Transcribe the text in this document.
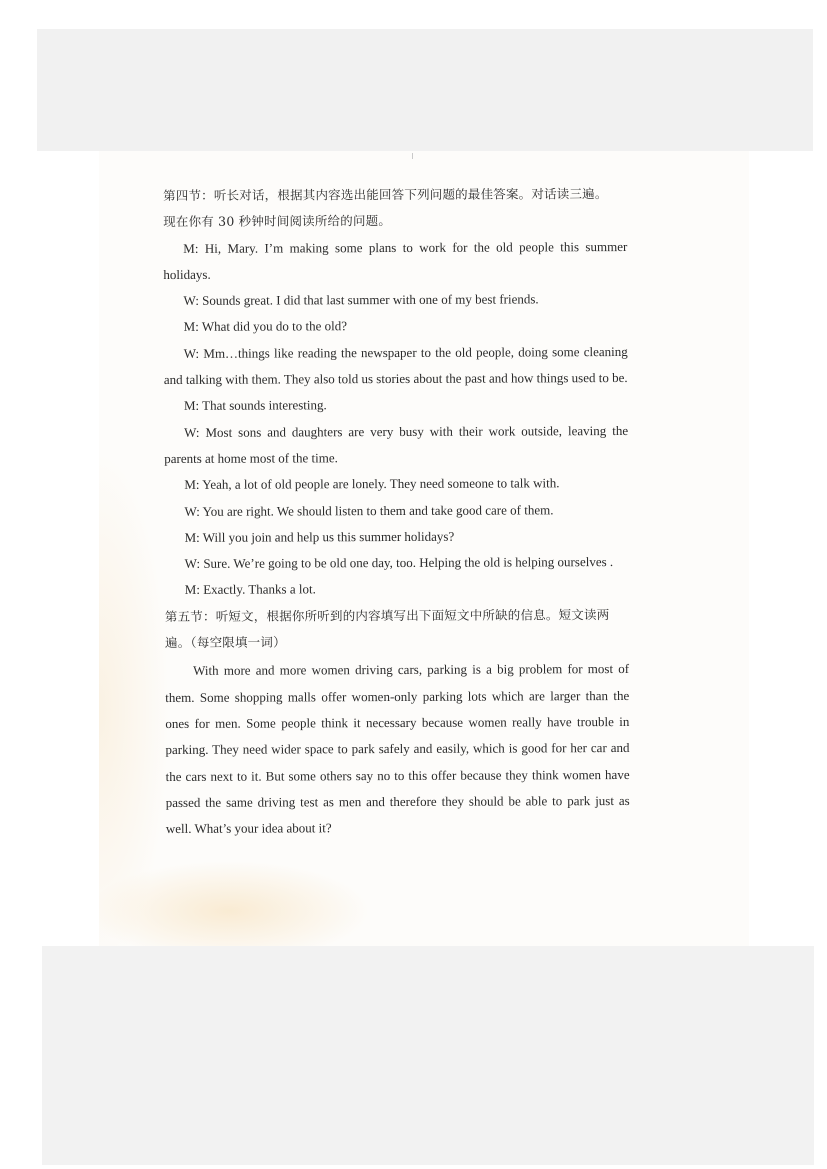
第四节：听长对话，根据其内容选出能回答下列问题的最佳答案。对话读三遍。

现在你有 30 秒钟时间阅读所给的问题。

M: Hi, Mary. I’m making some plans to work for the old people this summer holidays.

W: Sounds great. I did that last summer with one of my best friends.

M: What did you do to the old?

W: Mm…things like reading the newspaper to the old people, doing some cleaning and talking with them. They also told us stories about the past and how things used to be.

M: That sounds interesting.

W: Most sons and daughters are very busy with their work outside, leaving the parents at home most of the time.

M: Yeah, a lot of old people are lonely. They need someone to talk with.

W: You are right. We should listen to them and take good care of them.

M: Will you join and help us this summer holidays?

W: Sure. We’re going to be old one day, too. Helping the old is helping ourselves .

M: Exactly. Thanks a lot.

第五节：听短文，根据你所听到的内容填写出下面短文中所缺的信息。短文读两遍。（每空限填一词）

With more and more women driving cars, parking is a big problem for most of them. Some shopping malls offer women-only parking lots which are larger than the ones for men. Some people think it necessary because women really have trouble in parking. They need wider space to park safely and easily, which is good for her car and the cars next to it. But some others say no to this offer because they think women have passed the same driving test as men and therefore they should be able to park just as well. What’s your idea about it?
